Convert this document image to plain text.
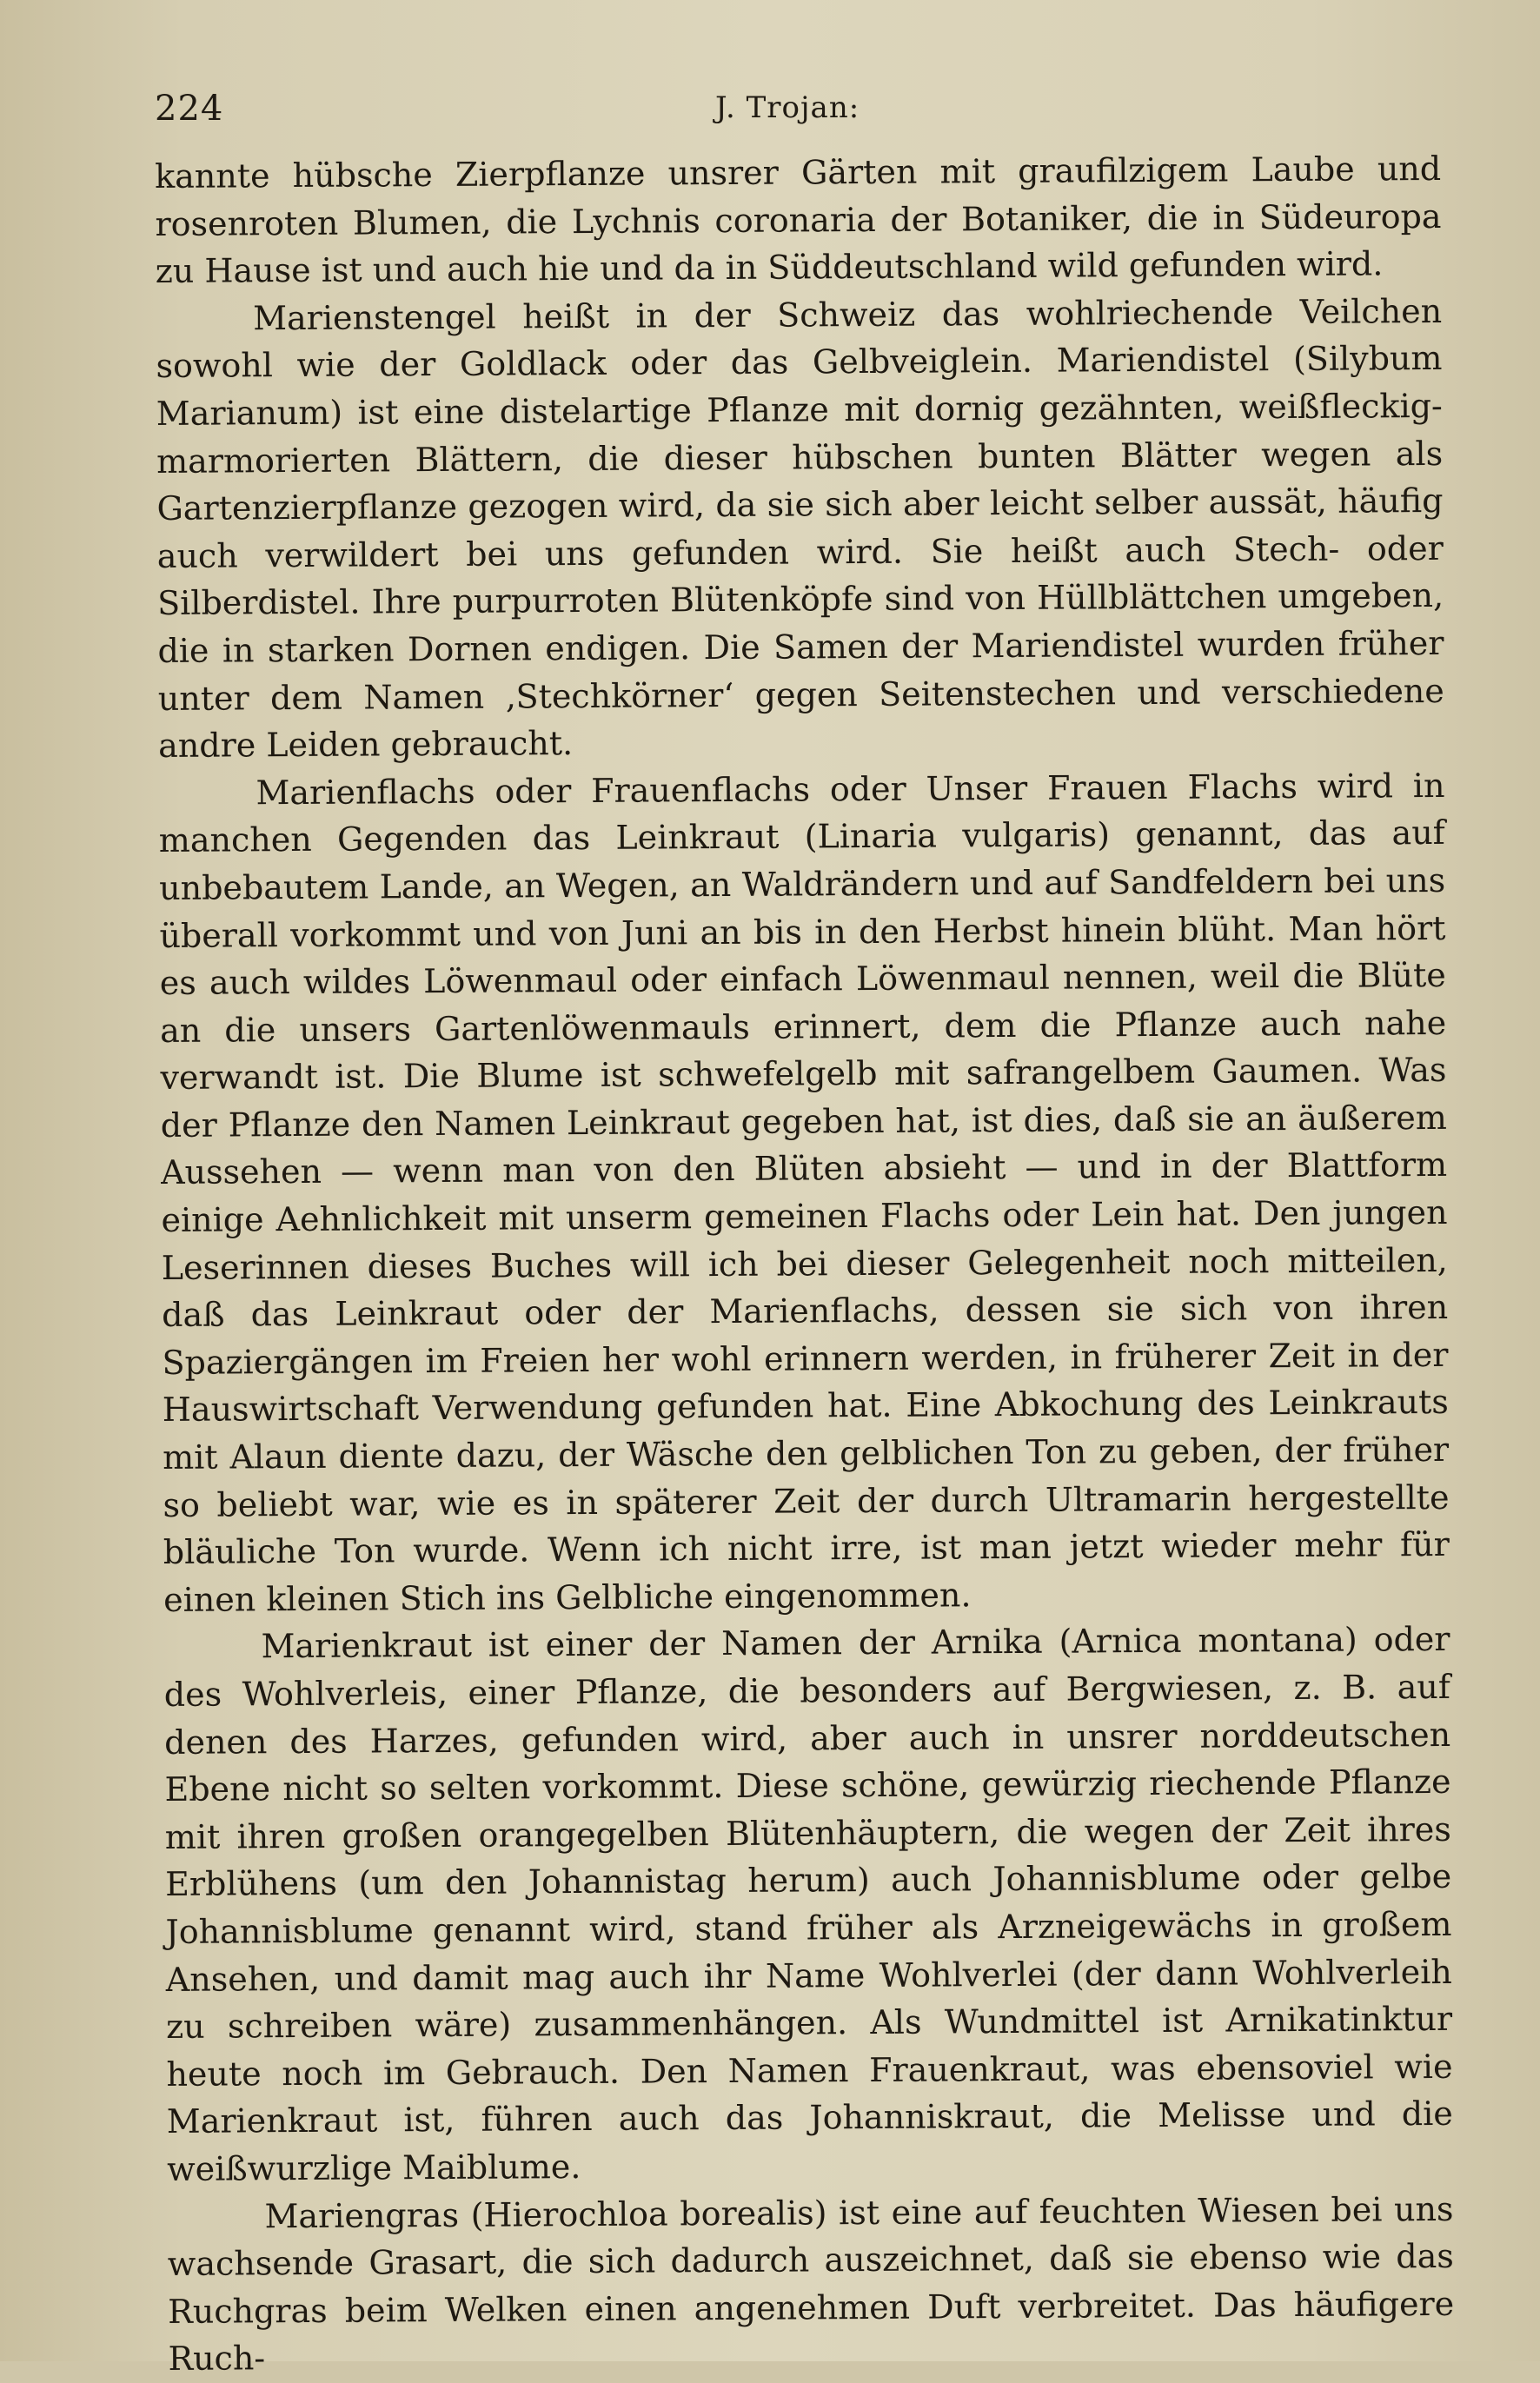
224	J. Trojan:

kannte hübsche Zierpflanze unsrer Gärten mit graufilzigem Laube und rosenroten Blumen, die Lychnis coronaria der Botaniker, die in Südeuropa zu Hause ist und auch hie und da in Süddeutschland wild gefunden wird.

Marienstengel heißt in der Schweiz das wohlriechende Veilchen sowohl wie der Goldlack oder das Gelbveiglein. Mariendistel (Silybum Marianum) ist eine distelartige Pflanze mit dornig gezähnten, weißfleckig-marmorierten Blättern, die dieser hübschen bunten Blätter wegen als Gartenzierpflanze gezogen wird, da sie sich aber leicht selber aussät, häufig auch verwildert bei uns gefunden wird. Sie heißt auch Stech- oder Silberdistel. Ihre purpurroten Blütenköpfe sind von Hüllblättchen umgeben, die in starken Dornen endigen. Die Samen der Mariendistel wurden früher unter dem Namen ‚Stechkörner‘ gegen Seitenstechen und verschiedene andre Leiden gebraucht.

Marienflachs oder Frauenflachs oder Unser Frauen Flachs wird in manchen Gegenden das Leinkraut (Linaria vulgaris) genannt, das auf unbebautem Lande, an Wegen, an Waldrändern und auf Sandfeldern bei uns überall vorkommt und von Juni an bis in den Herbst hinein blüht. Man hört es auch wildes Löwenmaul oder einfach Löwenmaul nennen, weil die Blüte an die unsers Gartenlöwenmauls erinnert, dem die Pflanze auch nahe verwandt ist. Die Blume ist schwefelgelb mit safrangelbem Gaumen. Was der Pflanze den Namen Leinkraut gegeben hat, ist dies, daß sie an äußerem Aussehen — wenn man von den Blüten absieht — und in der Blattform einige Aehnlichkeit mit unserm gemeinen Flachs oder Lein hat. Den jungen Leserinnen dieses Buches will ich bei dieser Gelegenheit noch mitteilen, daß das Leinkraut oder der Marienflachs, dessen sie sich von ihren Spaziergängen im Freien her wohl erinnern werden, in früherer Zeit in der Hauswirtschaft Verwendung gefunden hat. Eine Abkochung des Leinkrauts mit Alaun diente dazu, der Wäsche den gelblichen Ton zu geben, der früher so beliebt war, wie es in späterer Zeit der durch Ultramarin hergestellte bläuliche Ton wurde. Wenn ich nicht irre, ist man jetzt wieder mehr für einen kleinen Stich ins Gelbliche eingenommen.

Marienkraut ist einer der Namen der Arnika (Arnica montana) oder des Wohlverleis, einer Pflanze, die besonders auf Bergwiesen, z. B. auf denen des Harzes, gefunden wird, aber auch in unsrer norddeutschen Ebene nicht so selten vorkommt. Diese schöne, gewürzig riechende Pflanze mit ihren großen orangegelben Blütenhäuptern, die wegen der Zeit ihres Erblühens (um den Johannistag herum) auch Johannisblume oder gelbe Johannisblume genannt wird, stand früher als Arzneigewächs in großem Ansehen, und damit mag auch ihr Name Wohlverlei (der dann Wohlverleih zu schreiben wäre) zusammenhängen. Als Wundmittel ist Arnikatinktur heute noch im Gebrauch. Den Namen Frauenkraut, was ebensoviel wie Marienkraut ist, führen auch das Johanniskraut, die Melisse und die weißwurzlige Maiblume.

Mariengras (Hierochloa borealis) ist eine auf feuchten Wiesen bei uns wachsende Grasart, die sich dadurch auszeichnet, daß sie ebenso wie das Ruchgras beim Welken einen angenehmen Duft verbreitet. Das häufigere Ruch-
